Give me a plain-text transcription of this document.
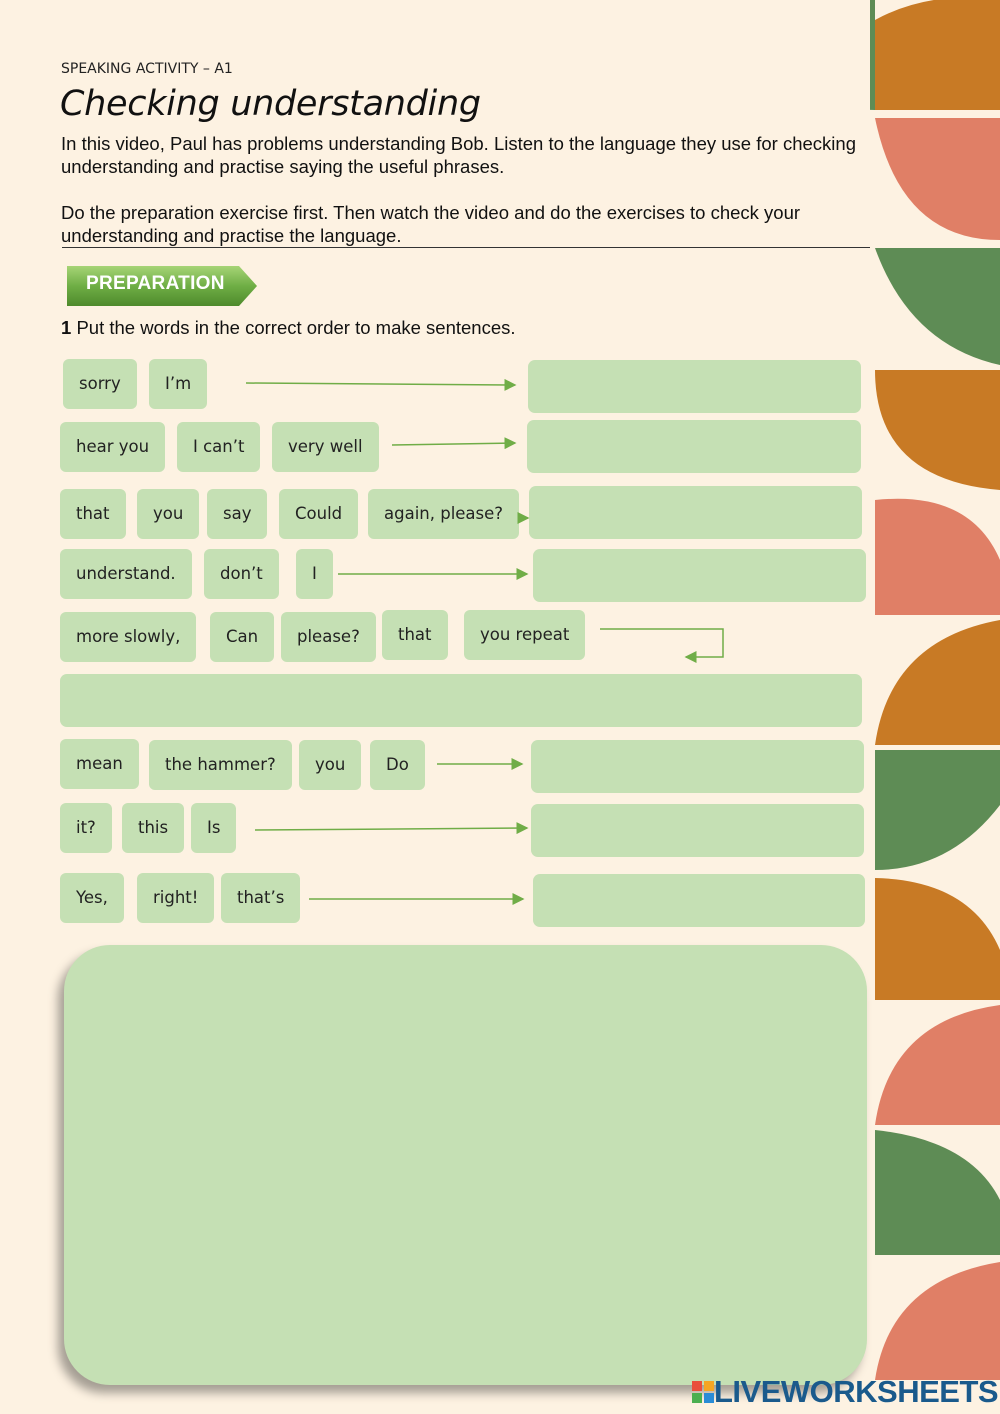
SPEAKING ACTIVITY – A1
Checking understanding
In this video, Paul has problems understanding Bob. Listen to the language they use for checking understanding and practise saying the useful phrases.
Do the preparation exercise first. Then watch the video and do the exercises to check your understanding and practise the language.
PREPARATION
1 Put the words in the correct order to make sentences.
sorry	I’m
hear you	I can’t	very well
that	you	say	Could	again, please?
understand.	don’t	I
more slowly,	Can	please?	that	you repeat
mean	the hammer?	you	Do
it?	this	Is
Yes,	right!	that’s
LIVEWORKSHEETS
